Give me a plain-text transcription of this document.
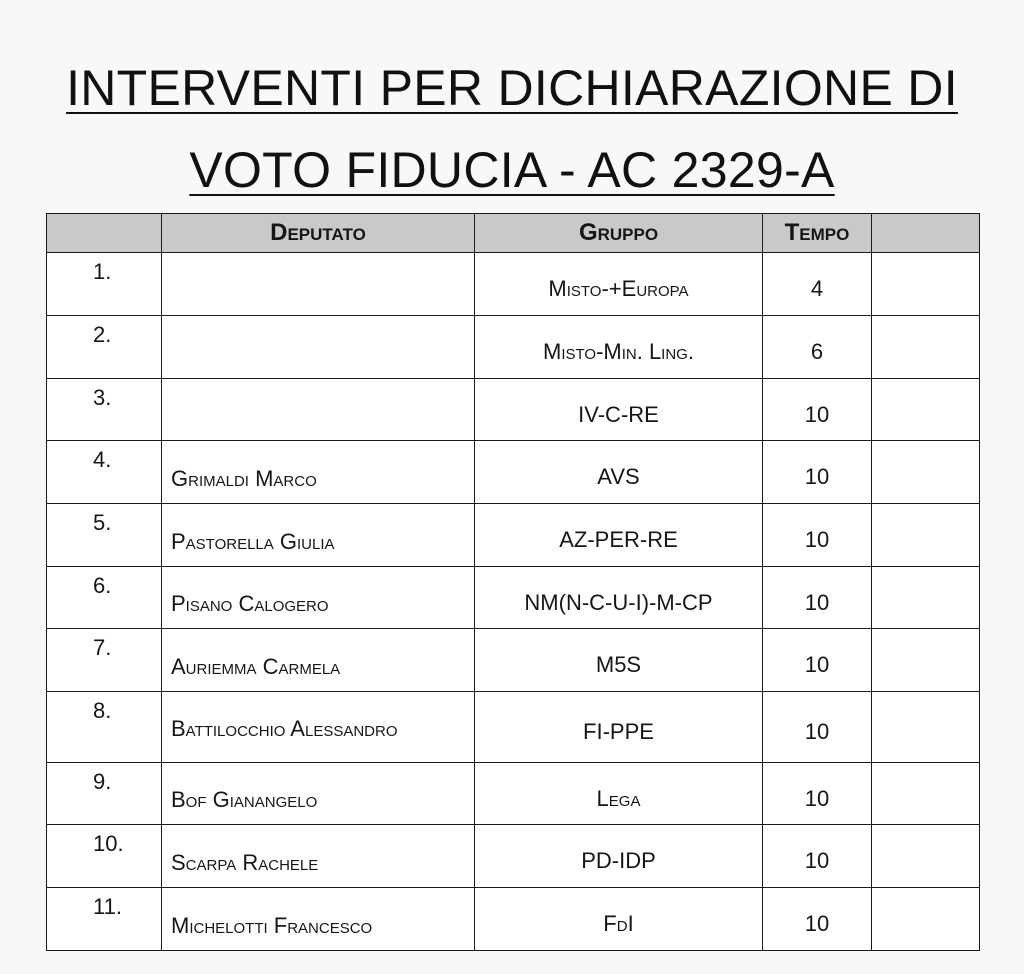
INTERVENTI PER DICHIARAZIONE DI
VOTO FIDUCIA - AC 2329-A
	Deputato	Gruppo	Tempo	
1.		Misto-+Europa	4	
2.		Misto-Min. Ling.	6	
3.		IV-C-RE	10	
4.	Grimaldi Marco	AVS	10	
5.	Pastorella Giulia	AZ-PER-RE	10	
6.	Pisano Calogero	NM(N-C-U-I)-M-CP	10	
7.	Auriemma Carmela	M5S	10	
8.	Battilocchio Alessandro	FI-PPE	10	
9.	Bof Gianangelo	Lega	10	
10.	Scarpa Rachele	PD-IDP	10	
11.	Michelotti Francesco	FdI	10	
